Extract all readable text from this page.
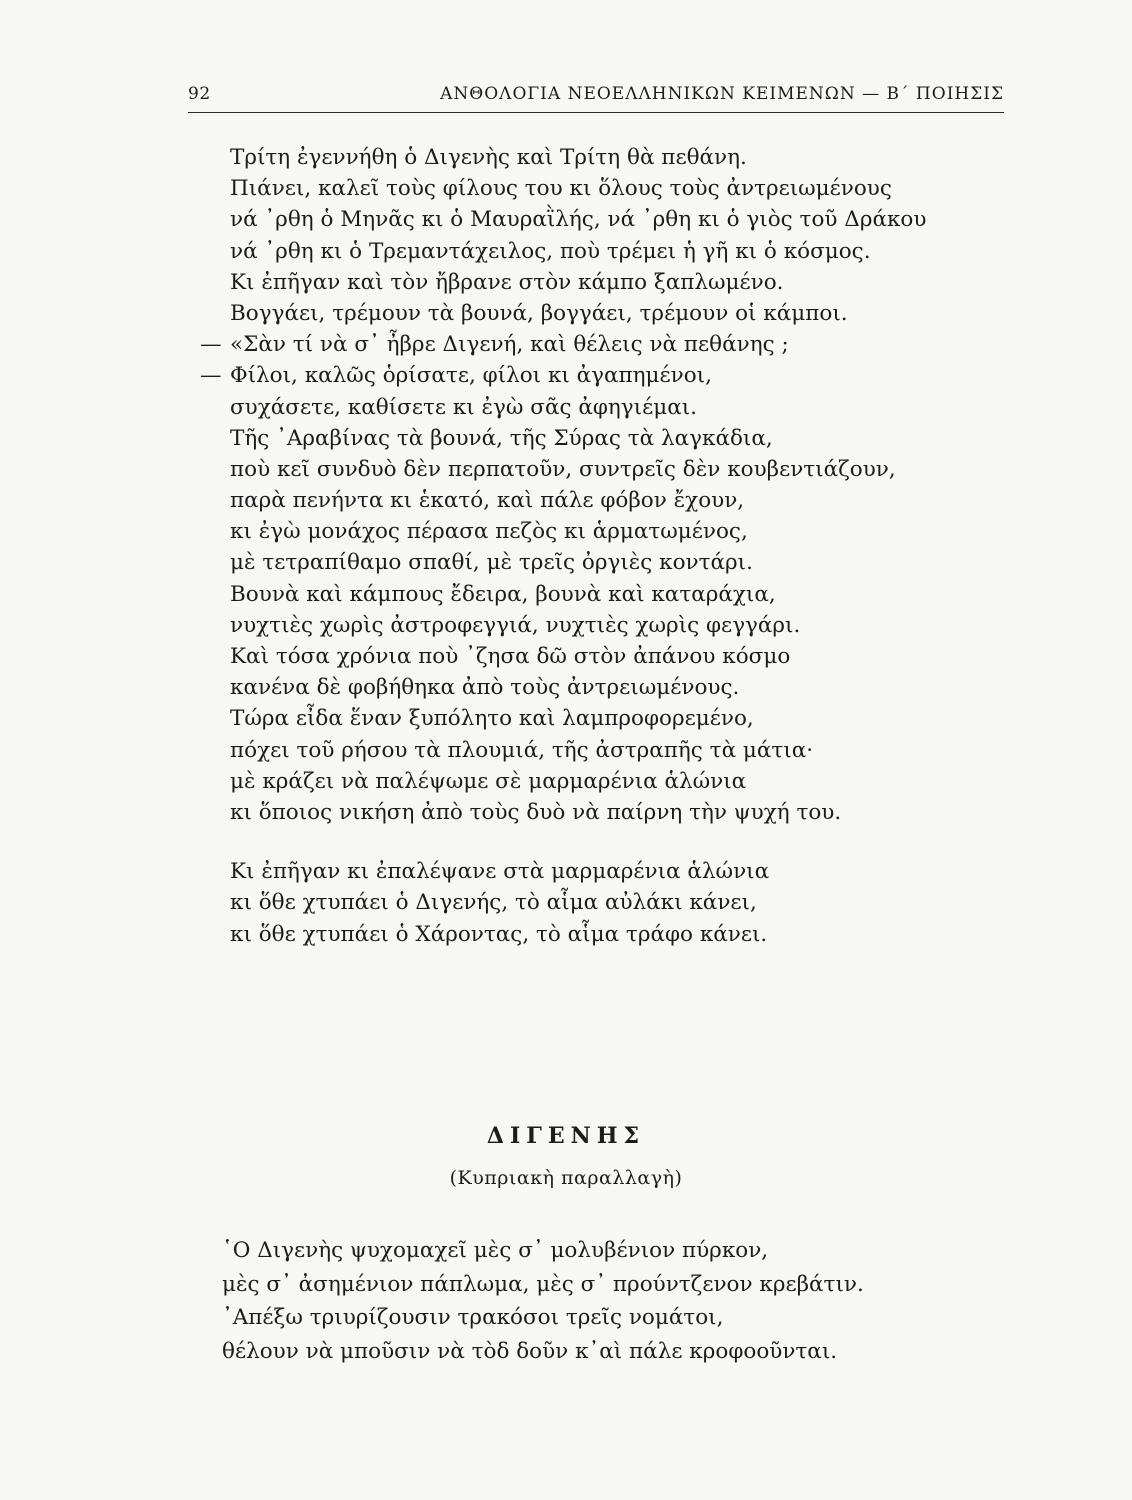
92	ΑΝΘΟΛΟΓΙΑ ΝΕΟΕΛΛΗΝΙΚΩΝ ΚΕΙΜΕΝΩΝ — Β΄ ΠΟΙΗΣΙΣ
Τρίτη ἐγεννήθη ὁ Διγενὴς καὶ Τρίτη θὰ πεθάνη.
Πιάνει, καλεῖ τοὺς φίλους του κι ὅλους τοὺς ἀντρειωμένους
νά ᾿ρθη ὁ Μηνᾶς κι ὁ Μαυραῒλής, νά ᾿ρθη κι ὁ γιὸς τοῦ Δράκου
νά ᾿ρθη κι ὁ Τρεμαντάχειλος, ποὺ τρέμει ἡ γῆ κι ὁ κόσμος.
Κι ἐπῆγαν καὶ τὸν ἤβρανε στὸν κάμπο ξαπλωμένο.
Βογγάει, τρέμουν τὰ βουνά, βογγάει, τρέμουν οἱ κάμποι.
— «Σὰν τί νὰ σ᾿ ἦβρε Διγενή, καὶ θέλεις νὰ πεθάνης ;
— Φίλοι, καλῶς ὁρίσατε, φίλοι κι ἀγαπημένοι,
συχάσετε, καθίσετε κι ἐγὼ σᾶς ἀφηγιέμαι.
Τῆς ᾿Αραβίνας τὰ βουνά, τῆς Σύρας τὰ λαγκάδια,
ποὺ κεῖ συνδυὸ δὲν περπατοῦν, συντρεῖς δὲν κουβεντιάζουν,
παρὰ πενήντα κι ἑκατό, καὶ πάλε φόβον ἔχουν,
κι ἐγὼ μονάχος πέρασα πεζὸς κι ἁρματωμένος,
μὲ τετραπίθαμο σπαθί, μὲ τρεῖς ὀργιὲς κοντάρι.
Βουνὰ καὶ κάμπους ἔδειρα, βουνὰ καὶ καταράχια,
νυχτιὲς χωρὶς ἀστροφεγγιά, νυχτιὲς χωρὶς φεγγάρι.
Καὶ τόσα χρόνια ποὺ ᾿ζησα δῶ στὸν ἀπάνου κόσμο
κανένα δὲ φοβήθηκα ἀπὸ τοὺς ἀντρειωμένους.
Τώρα εἶδα ἕναν ξυπόλητο καὶ λαμπροφορεμένο,
πόχει τοῦ ρήσου τὰ πλουμιά, τῆς ἀστραπῆς τὰ μάτια·
μὲ κράζει νὰ παλέψωμε σὲ μαρμαρένια ἁλώνια
κι ὅποιος νικήση ἀπὸ τοὺς δυὸ νὰ παίρνη τὴν ψυχή του.
Κι ἐπῆγαν κι ἐπαλέψανε στὰ μαρμαρένια ἁλώνια
κι ὅθε χτυπάει ὁ Διγενής, τὸ αἷμα αὐλάκι κάνει,
κι ὅθε χτυπάει ὁ Χάροντας, τὸ αἷμα τράφο κάνει.
ΔΙΓΕΝΗΣ
(Κυπριακὴ παραλλαγὴ)
῾Ο Διγενὴς ψυχομαχεῖ μὲς σ᾿ μολυβένιον πύρκον,
μὲς σ᾿ ἀσημένιον πάπλωμα, μὲς σ᾿ προύντζενον κρεβάτιν.
᾿Απέξω τριυρίζουσιν τρακόσοι τρεῖς νομάτοι,
θέλουν νὰ μποῦσιν νὰ τὸδ δοῦν κ᾿αὶ πάλε κροφοοῦνται.
